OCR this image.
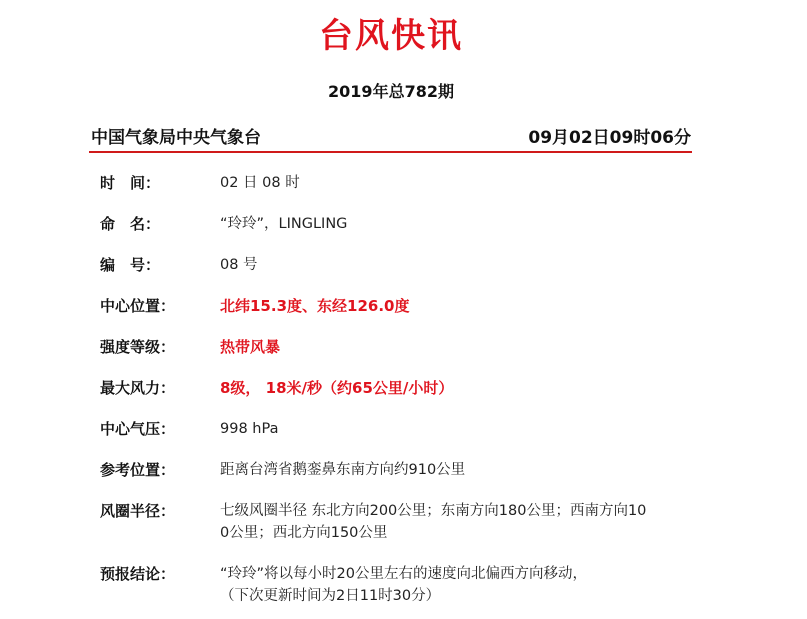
台风快讯
2019年总782期
中国气象局中央气象台	09月02日09时06分
时　间：	02 日 08 时
命　名：	“玲玲”，LINGLING
编　号：	08 号
中心位置：	北纬15.3度、东经126.0度
强度等级：	热带风暴
最大风力：	8级， 18米/秒（约65公里/小时）
中心气压：	998 hPa
参考位置：	距离台湾省鹅銮鼻东南方向约910公里
风圈半径：	七级风圈半径 东北方向200公里；东南方向180公里；西南方向10
0公里；西北方向150公里
预报结论：	“玲玲”将以每小时20公里左右的速度向北偏西方向移动，
（下次更新时间为2日11时30分）
